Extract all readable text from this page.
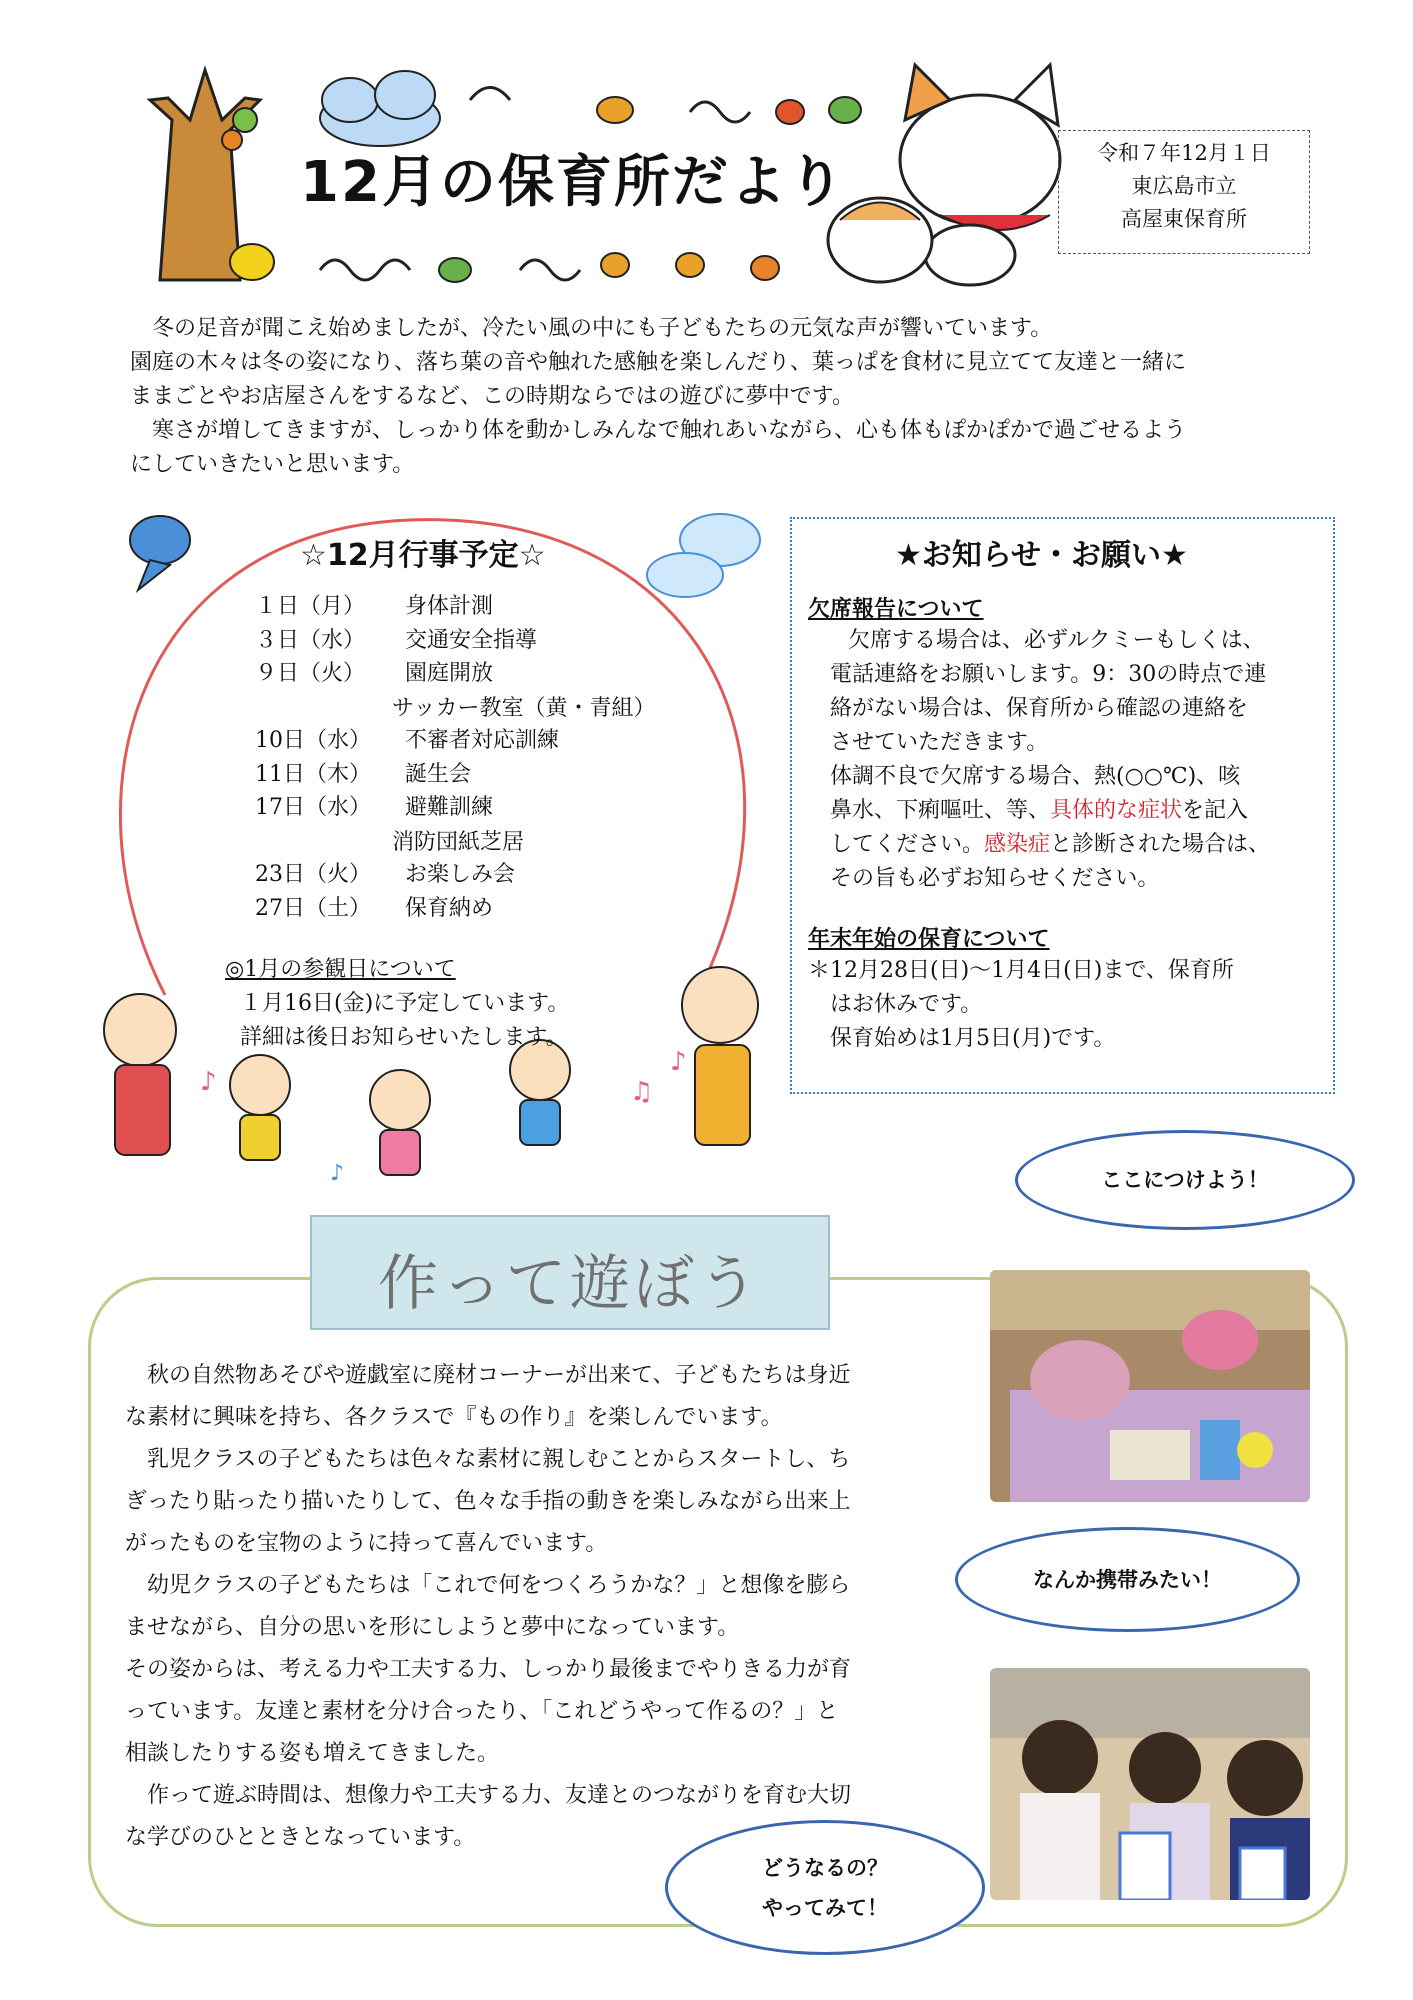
12月の保育所だより	令和７年12月１日
東広島市立
高屋東保育所

冬の足音が聞こえ始めましたが、冷たい風の中にも子どもたちの元気な声が響いています。

園庭の木々は冬の姿になり、落ち葉の音や触れた感触を楽しんだり、葉っぱを食材に見立てて友達と一緒に

ままごとやお店屋さんをするなど、この時期ならではの遊びに夢中です。

寒さが増してきますが、しっかり体を動かしみんなで触れあいながら、心も体もぽかぽかで過ごせるよう

にしていきたいと思います。

♪	♫
♪
♪
☆12月行事予定☆
１日（月） 身体計測
３日（水） 交通安全指導
９日（火） 園庭開放
サッカー教室（黄・青組）
10日（水） 不審者対応訓練
11日（木） 誕生会
17日（水） 避難訓練
消防団紙芝居
23日（火） お楽しみ会
27日（土） 保育納め
◎1月の参観日について
１月16日(金)に予定しています。
詳細は後日お知らせいたします。
★お知らせ・お願い★
欠席報告について
欠席する場合は、必ずルクミーもしくは、
電話連絡をお願いします。9：30の時点で連
絡がない場合は、保育所から確認の連絡を
させていただきます。
体調不良で欠席する場合、熱(○○℃)、咳
鼻水、下痢嘔吐、等、具体的な症状を記入
してください。感染症と診断された場合は、
その旨も必ずお知らせください。
年末年始の保育について
＊12月28日(日)～1月4日(日)まで、保育所
はお休みです。
保育始めは1月5日(月)です。
作って遊ぼう

　秋の自然物あそびや遊戯室に廃材コーナーが出来て、子どもたちは身近

な素材に興味を持ち、各クラスで『もの作り』を楽しんでいます。

　乳児クラスの子どもたちは色々な素材に親しむことからスタートし、ち

ぎったり貼ったり描いたりして、色々な手指の動きを楽しみながら出来上

がったものを宝物のように持って喜んでいます。

　幼児クラスの子どもたちは「これで何をつくろうかな？」と想像を膨ら

ませながら、自分の思いを形にしようと夢中になっています。

その姿からは、考える力や工夫する力、しっかり最後までやりきる力が育

っています。友達と素材を分け合ったり、「これどうやって作るの？」と

相談したりする姿も増えてきました。

　作って遊ぶ時間は、想像力や工夫する力、友達とのつながりを育む大切

な学びのひとときとなっています。

ここにつけよう！
なんか携帯みたい！
どうなるの？
やってみて！
